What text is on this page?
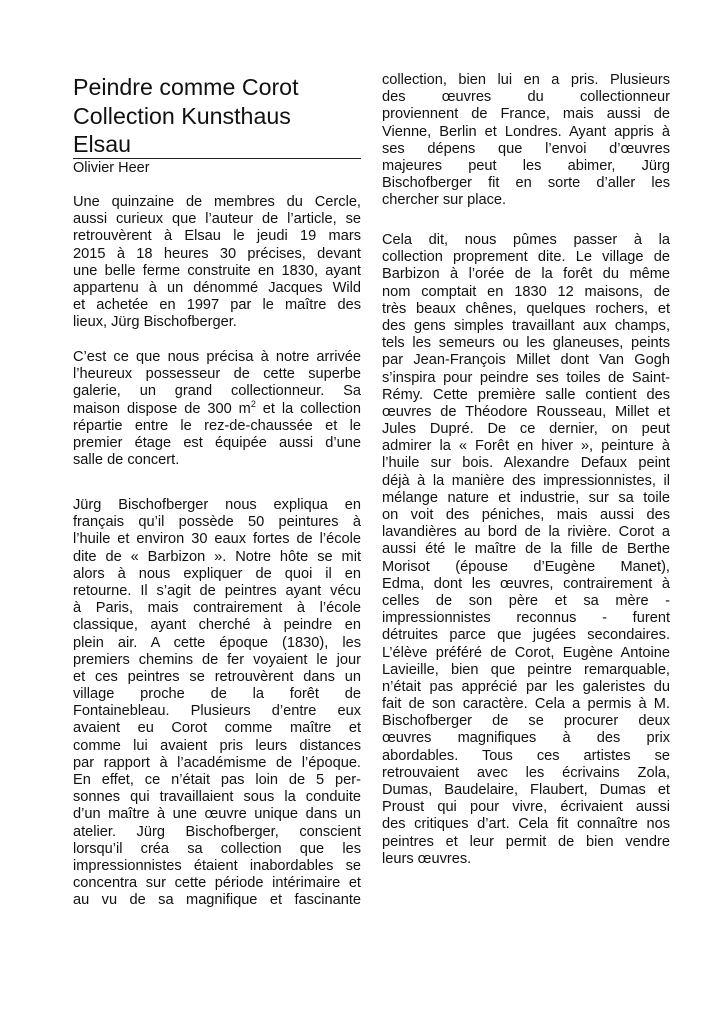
Peindre comme Corot
Collection Kunsthaus
Elsau

Olivier Heer

Une quinzaine de membres du Cercle,
aussi curieux que l’auteur de l’article, se
retrouvèrent à Elsau le jeudi 19 mars
2015 à 18 heures 30 précises, devant
une belle ferme construite en 1830, ayant
appartenu à un dénommé Jacques Wild
et achetée en 1997 par le maître des
lieux, Jürg Bischofberger.
C’est ce que nous précisa à notre arrivée
l’heureux possesseur de cette superbe
galerie, un grand collectionneur. Sa
maison dispose de 300 $m^2$ et la collection
répartie entre le rez-de-chaussée et le
premier étage est équipée aussi d’une
salle de concert.
Jürg Bischofberger nous expliqua en
français qu’il possède 50 peintures à
l’huile et environ 30 eaux fortes de l’école
dite de « Barbizon ». Notre hôte se mit
alors à nous expliquer de quoi il en
retourne. Il s’agit de peintres ayant vécu
à Paris, mais contrairement à l’école
classique, ayant cherché à peindre en
plein air. A cette époque (1830), les
premiers chemins de fer voyaient le jour
et ces peintres se retrouvèrent dans un
village proche de la forêt de
Fontainebleau. Plusieurs d’entre eux
avaient eu Corot comme maître et
comme lui avaient pris leurs distances
par rapport à l’académisme de l’époque.
En effet, ce n’était pas loin de 5 per-
sonnes qui travaillaient sous la conduite
d’un maître à une œuvre unique dans un
atelier. Jürg Bischofberger, conscient
lorsqu’il créa sa collection que les
impressionnistes étaient inabordables se
concentra sur cette période intérimaire et
au vu de sa magnifique et fascinante
collection, bien lui en a pris. Plusieurs
des œuvres du collectionneur
proviennent de France, mais aussi de
Vienne, Berlin et Londres. Ayant appris à
ses dépens que l’envoi d’œuvres
majeures peut les abimer, Jürg
Bischofberger fit en sorte d’aller les
chercher sur place.
Cela dit, nous pûmes passer à la
collection proprement dite. Le village de
Barbizon à l’orée de la forêt du même
nom comptait en 1830 12 maisons, de
très beaux chênes, quelques rochers, et
des gens simples travaillant aux champs,
tels les semeurs ou les glaneuses, peints
par Jean-François Millet dont Van Gogh
s’inspira pour peindre ses toiles de Saint-
Rémy. Cette première salle contient des
œuvres de Théodore Rousseau, Millet et
Jules Dupré. De ce dernier, on peut
admirer la « Forêt en hiver », peinture à
l’huile sur bois. Alexandre Defaux peint
déjà à la manière des impressionnistes, il
mélange nature et industrie, sur sa toile
on voit des péniches, mais aussi des
lavandières au bord de la rivière. Corot a
aussi été le maître de la fille de Berthe
Morisot (épouse d’Eugène Manet),
Edma, dont les œuvres, contrairement à
celles de son père et sa mère -
impressionnistes reconnus - furent
détruites parce que jugées secondaires.
L’élève préféré de Corot, Eugène Antoine
Lavieille, bien que peintre remarquable,
n’était pas apprécié par les galeristes du
fait de son caractère. Cela a permis à M.
Bischofberger de se procurer deux
œuvres magnifiques à des prix
abordables. Tous ces artistes se
retrouvaient avec les écrivains Zola,
Dumas, Baudelaire, Flaubert, Dumas et
Proust qui pour vivre, écrivaient aussi
des critiques d’art. Cela fit connaître nos
peintres et leur permit de bien vendre
leurs œuvres.
